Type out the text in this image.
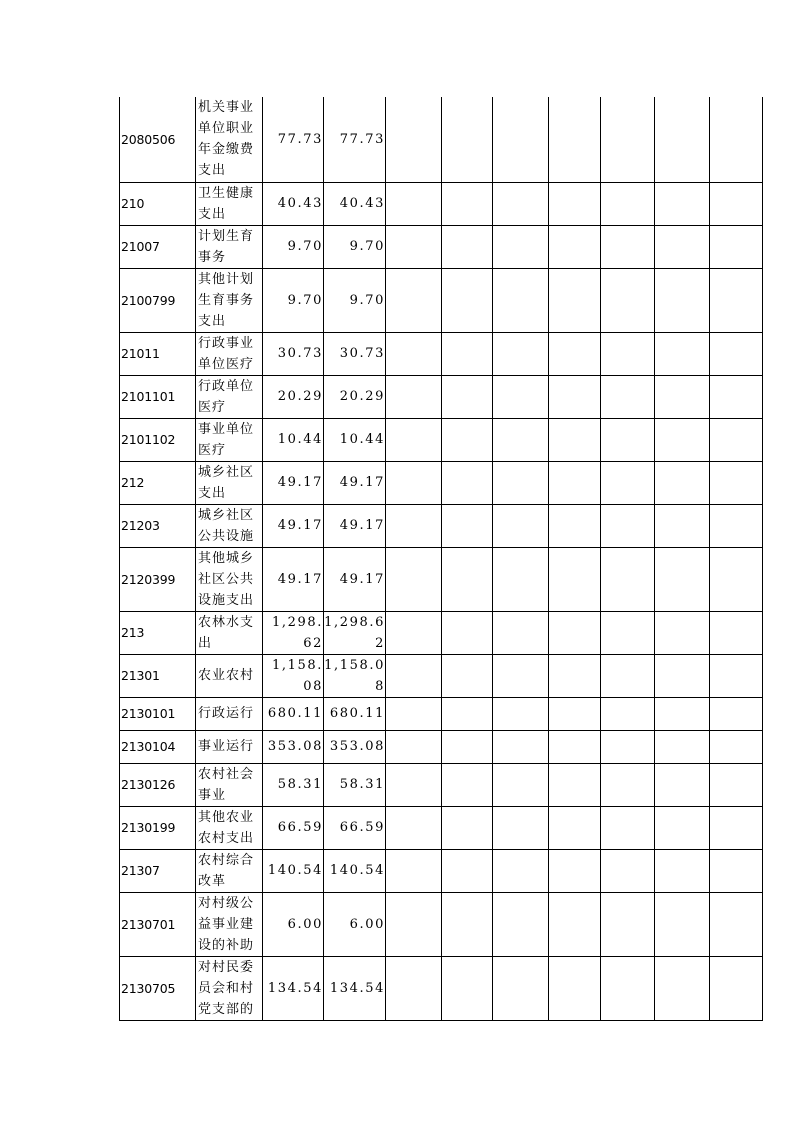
2080506	机关事业单位职业年金缴费支出	77.73	77.73							
210	卫生健康支出	40.43	40.43							
21007	计划生育事务	9.70	9.70							
2100799	其他计划生育事务支出	9.70	9.70							
21011	行政事业单位医疗	30.73	30.73							
2101101	行政单位医疗	20.29	20.29							
2101102	事业单位医疗	10.44	10.44							
212	城乡社区支出	49.17	49.17							
21203	城乡社区公共设施	49.17	49.17							
2120399	其他城乡社区公共设施支出	49.17	49.17							
213	农林水支出	1,298.62	1,298.62							
21301	农业农村	1,158.08	1,158.08							
2130101	行政运行	680.11	680.11							
2130104	事业运行	353.08	353.08							
2130126	农村社会事业	58.31	58.31							
2130199	其他农业农村支出	66.59	66.59							
21307	农村综合改革	140.54	140.54							
2130701	对村级公益事业建设的补助	6.00	6.00							
2130705	对村民委员会和村党支部的	134.54	134.54							
